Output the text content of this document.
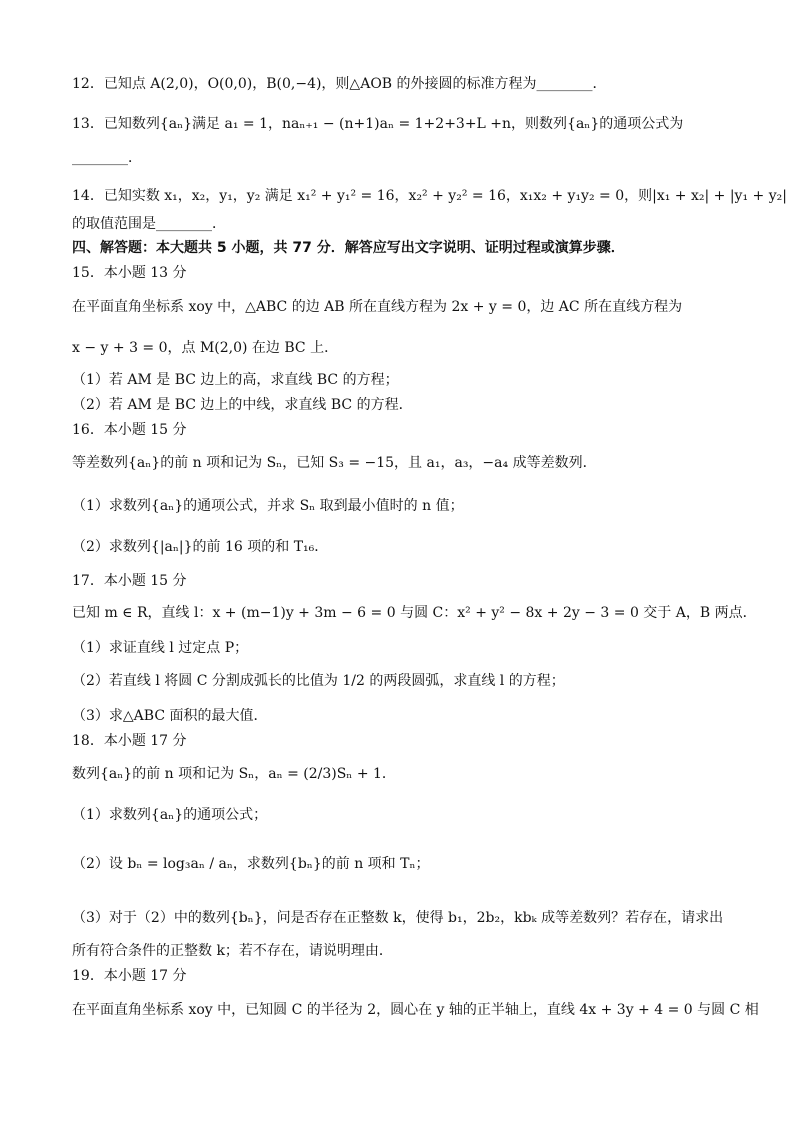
12．已知点 A(2,0)，O(0,0)，B(0,−4)，则△AOB 的外接圆的标准方程为________．
13．已知数列{aₙ}满足 a₁ = 1，naₙ₊₁ − (n+1)aₙ = 1+2+3+L +n，则数列{aₙ}的通项公式为
________．
14．已知实数 x₁，x₂，y₁，y₂ 满足 x₁² + y₁² = 16，x₂² + y₂² = 16，x₁x₂ + y₁y₂ = 0，则|x₁ + x₂| + |y₁ + y₂|
的取值范围是________．
四、解答题：本大题共 5 小题，共 77 分．解答应写出文字说明、证明过程或演算步骤．
15．本小题 13 分
在平面直角坐标系 xoy 中，△ABC 的边 AB 所在直线方程为 2x + y = 0，边 AC 所在直线方程为
x − y + 3 = 0，点 M(2,0) 在边 BC 上．
（1）若 AM 是 BC 边上的高，求直线 BC 的方程；
（2）若 AM 是 BC 边上的中线，求直线 BC 的方程．
16．本小题 15 分
等差数列{aₙ}的前 n 项和记为 Sₙ，已知 S₃ = −15，且 a₁，a₃，−a₄ 成等差数列．
（1）求数列{aₙ}的通项公式，并求 Sₙ 取到最小值时的 n 值；
（2）求数列{|aₙ|}的前 16 项的和 T₁₆．
17．本小题 15 分
已知 m ∈ R，直线 l：x + (m−1)y + 3m − 6 = 0 与圆 C：x² + y² − 8x + 2y − 3 = 0 交于 A，B 两点．
（1）求证直线 l 过定点 P；
（2）若直线 l 将圆 C 分割成弧长的比值为 1/2 的两段圆弧，求直线 l 的方程；
（3）求△ABC 面积的最大值．
18．本小题 17 分
数列{aₙ}的前 n 项和记为 Sₙ，aₙ = (2/3)Sₙ + 1．
（1）求数列{aₙ}的通项公式；
（2）设 bₙ = log₃aₙ / aₙ，求数列{bₙ}的前 n 项和 Tₙ；
（3）对于（2）中的数列{bₙ}，问是否存在正整数 k，使得 b₁，2b₂，kbₖ 成等差数列？若存在，请求出
所有符合条件的正整数 k；若不存在，请说明理由．
19．本小题 17 分
在平面直角坐标系 xoy 中，已知圆 C 的半径为 2，圆心在 y 轴的正半轴上，直线 4x + 3y + 4 = 0 与圆 C 相
